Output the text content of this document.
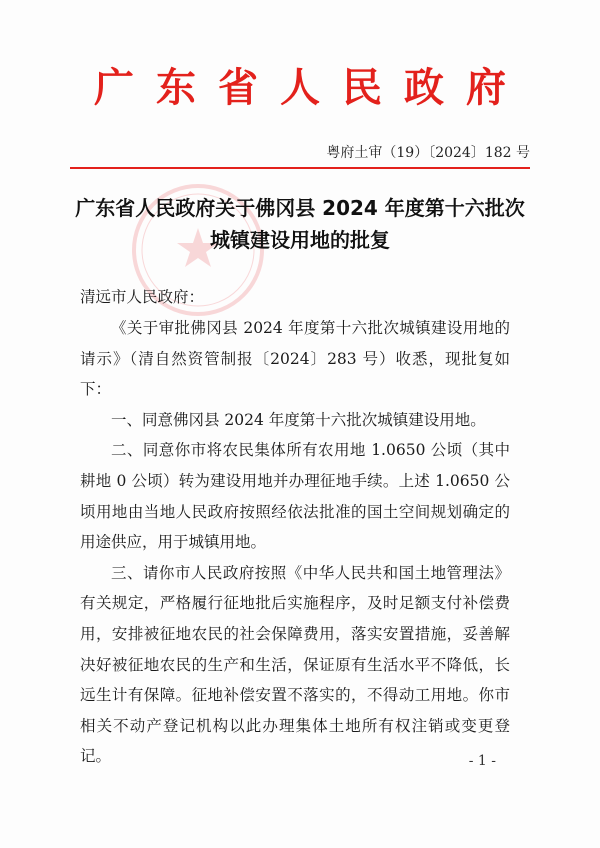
广东省人民政府
粤府土审（19）〔2024〕182 号
广东省人民政府关于佛冈县 2024 年度第十六批次城镇建设用地的批复
清远市人民政府：

《关于审批佛冈县 2024 年度第十六批次城镇建设用地的请示》（清自然资管制报〔2024〕283 号）收悉，现批复如下：

一、同意佛冈县 2024 年度第十六批次城镇建设用地。

二、同意你市将农民集体所有农用地 1.0650 公顷（其中耕地 0 公顷）转为建设用地并办理征地手续。上述 1.0650 公顷用地由当地人民政府按照经依法批准的国土空间规划确定的用途供应，用于城镇用地。

三、请你市人民政府按照《中华人民共和国土地管理法》有关规定，严格履行征地批后实施程序，及时足额支付补偿费用，安排被征地农民的社会保障费用，落实安置措施，妥善解决好被征地农民的生产和生活，保证原有生活水平不降低，长远生计有保障。征地补偿安置不落实的，不得动工用地。你市相关不动产登记机构以此办理集体土地所有权注销或变更登记。	- 1 -
